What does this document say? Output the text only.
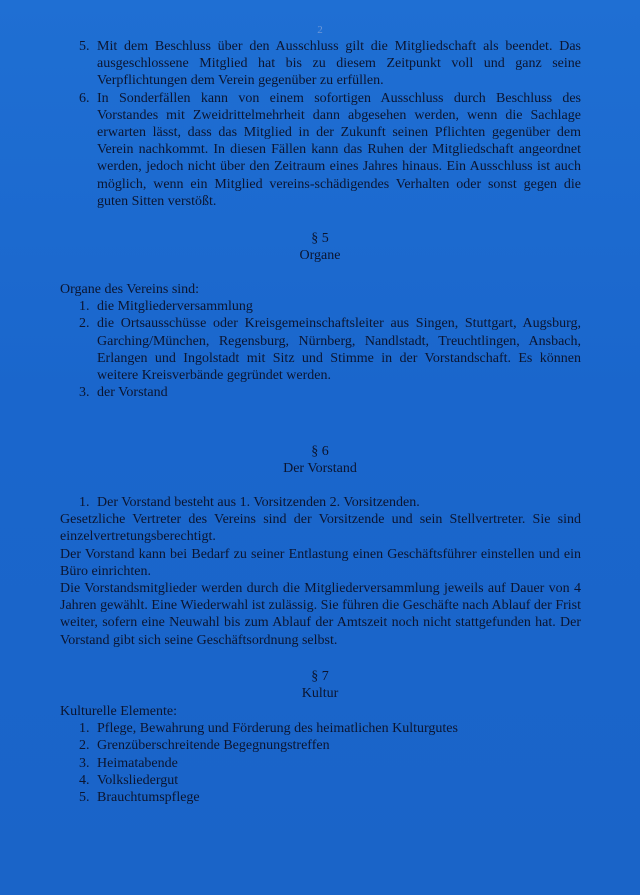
2
5. Mit dem Beschluss über den Ausschluss gilt die Mitgliedschaft als beendet. Das ausgeschlossene Mitglied hat bis zu diesem Zeitpunkt voll und ganz seine Verpflichtungen dem Verein gegenüber zu erfüllen.
6. In Sonderfällen kann von einem sofortigen Ausschluss durch Beschluss des Vorstandes mit Zweidrittelmehrheit dann abgesehen werden, wenn die Sachlage erwarten lässt, dass das Mitglied in der Zukunft seinen Pflichten gegenüber dem Verein nachkommt. In diesen Fällen kann das Ruhen der Mitgliedschaft angeordnet werden, jedoch nicht über den Zeitraum eines Jahres hinaus. Ein Ausschluss ist auch möglich, wenn ein Mitglied vereins-schädigendes Verhalten oder sonst gegen die guten Sitten verstößt.
§ 5
Organe
Organe des Vereins sind:
1. die Mitgliederversammlung
2. die Ortsausschüsse oder Kreisgemeinschaftsleiter aus Singen, Stuttgart, Augsburg, Garching/München, Regensburg, Nürnberg, Nandlstadt, Treuchtlingen, Ansbach, Erlangen und Ingolstadt mit Sitz und Stimme in der Vorstandschaft. Es können weitere Kreisverbände gegründet werden.
3. der Vorstand
§ 6
Der Vorstand
1. Der Vorstand besteht aus 1. Vorsitzenden 2. Vorsitzenden.
Gesetzliche Vertreter des Vereins sind der Vorsitzende und sein Stellvertreter. Sie sind einzelvertretungsberechtigt.
Der Vorstand kann bei Bedarf zu seiner Entlastung einen Geschäftsführer einstellen und ein Büro einrichten.
Die Vorstandsmitglieder werden durch die Mitgliederversammlung jeweils auf Dauer von 4 Jahren gewählt. Eine Wiederwahl ist zulässig. Sie führen die Geschäfte nach Ablauf der Frist weiter, sofern eine Neuwahl bis zum Ablauf der Amtszeit noch nicht stattgefunden hat. Der Vorstand gibt sich seine Geschäftsordnung selbst.
§ 7
Kultur
Kulturelle Elemente:
1. Pflege, Bewahrung und Förderung des heimatlichen Kulturgutes
2. Grenzüberschreitende Begegnungstreffen
3. Heimatabende
4. Volksliedergut
5. Brauchtumspflege
